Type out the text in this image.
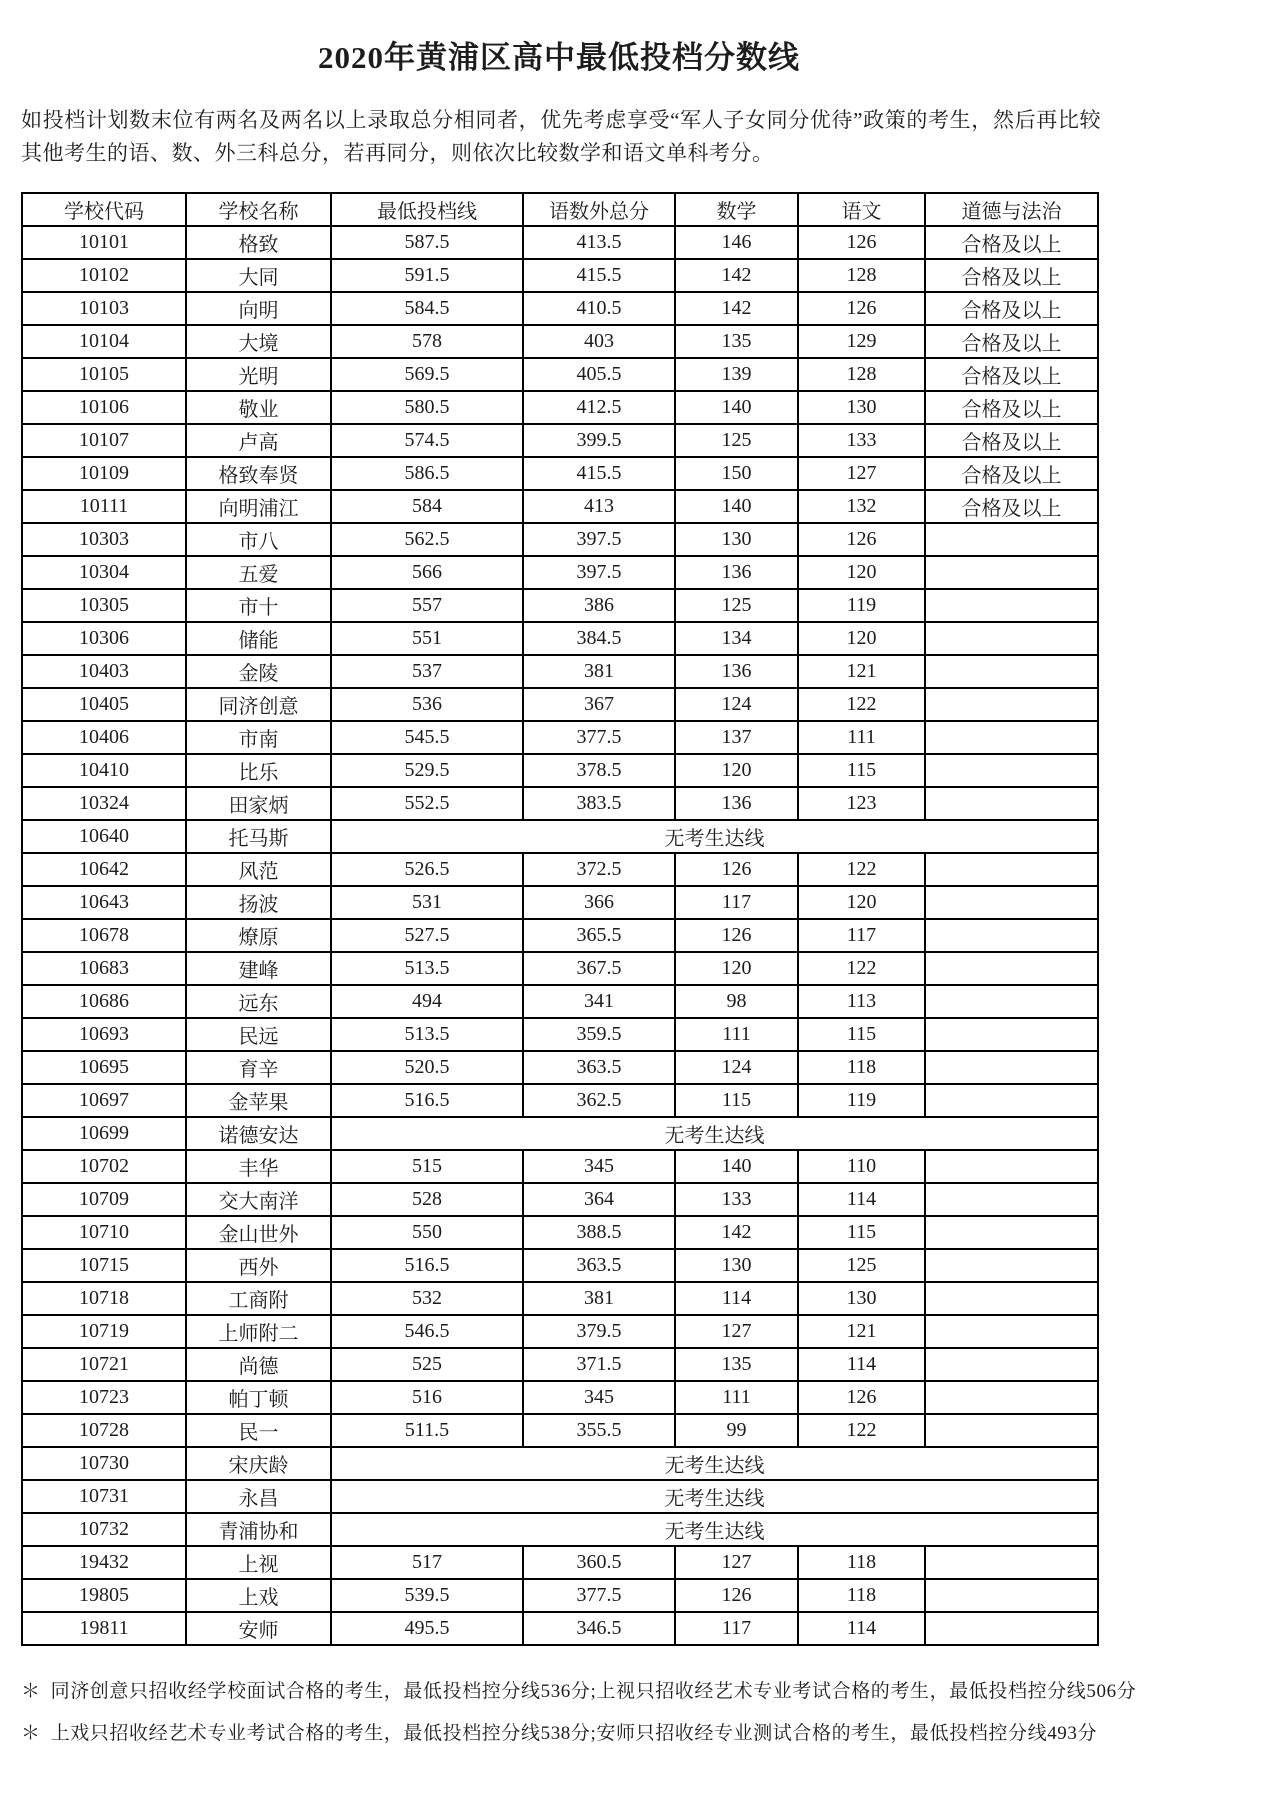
2020年黄浦区高中最低投档分数线

如投档计划数末位有两名及两名以上录取总分相同者，优先考虑享受“军人子女同分优待”政策的考生，然后再比较其他考生的语、数、外三科总分，若再同分，则依次比较数学和语文单科考分。

学校代码	学校名称	最低投档线	语数外总分	数学	语文	道德与法治
10101	格致	587.5	413.5	146	126	合格及以上
10102	大同	591.5	415.5	142	128	合格及以上
10103	向明	584.5	410.5	142	126	合格及以上
10104	大境	578	403	135	129	合格及以上
10105	光明	569.5	405.5	139	128	合格及以上
10106	敬业	580.5	412.5	140	130	合格及以上
10107	卢高	574.5	399.5	125	133	合格及以上
10109	格致奉贤	586.5	415.5	150	127	合格及以上
10111	向明浦江	584	413	140	132	合格及以上
10303	市八	562.5	397.5	130	126	
10304	五爱	566	397.5	136	120	
10305	市十	557	386	125	119	
10306	储能	551	384.5	134	120	
10403	金陵	537	381	136	121	
10405	同济创意	536	367	124	122	
10406	市南	545.5	377.5	137	111	
10410	比乐	529.5	378.5	120	115	
10324	田家炳	552.5	383.5	136	123	
10640	托马斯	无考生达线				
10642	风范	526.5	372.5	126	122	
10643	扬波	531	366	117	120	
10678	燎原	527.5	365.5	126	117	
10683	建峰	513.5	367.5	120	122	
10686	远东	494	341	98	113	
10693	民远	513.5	359.5	111	115	
10695	育辛	520.5	363.5	124	118	
10697	金苹果	516.5	362.5	115	119	
10699	诺德安达	无考生达线				
10702	丰华	515	345	140	110	
10709	交大南洋	528	364	133	114	
10710	金山世外	550	388.5	142	115	
10715	西外	516.5	363.5	130	125	
10718	工商附	532	381	114	130	
10719	上师附二	546.5	379.5	127	121	
10721	尚德	525	371.5	135	114	
10723	帕丁顿	516	345	111	126	
10728	民一	511.5	355.5	99	122	
10730	宋庆龄	无考生达线				
10731	永昌	无考生达线				
10732	青浦协和	无考生达线				
19432	上视	517	360.5	127	118	
19805	上戏	539.5	377.5	126	118	
19811	安师	495.5	346.5	117	114	
＊ 同济创意只招收经学校面试合格的考生，最低投档控分线536分;上视只招收经艺术专业考试合格的考生，最低投档控分线506分
＊ 上戏只招收经艺术专业考试合格的考生，最低投档控分线538分;安师只招收经专业测试合格的考生，最低投档控分线493分
